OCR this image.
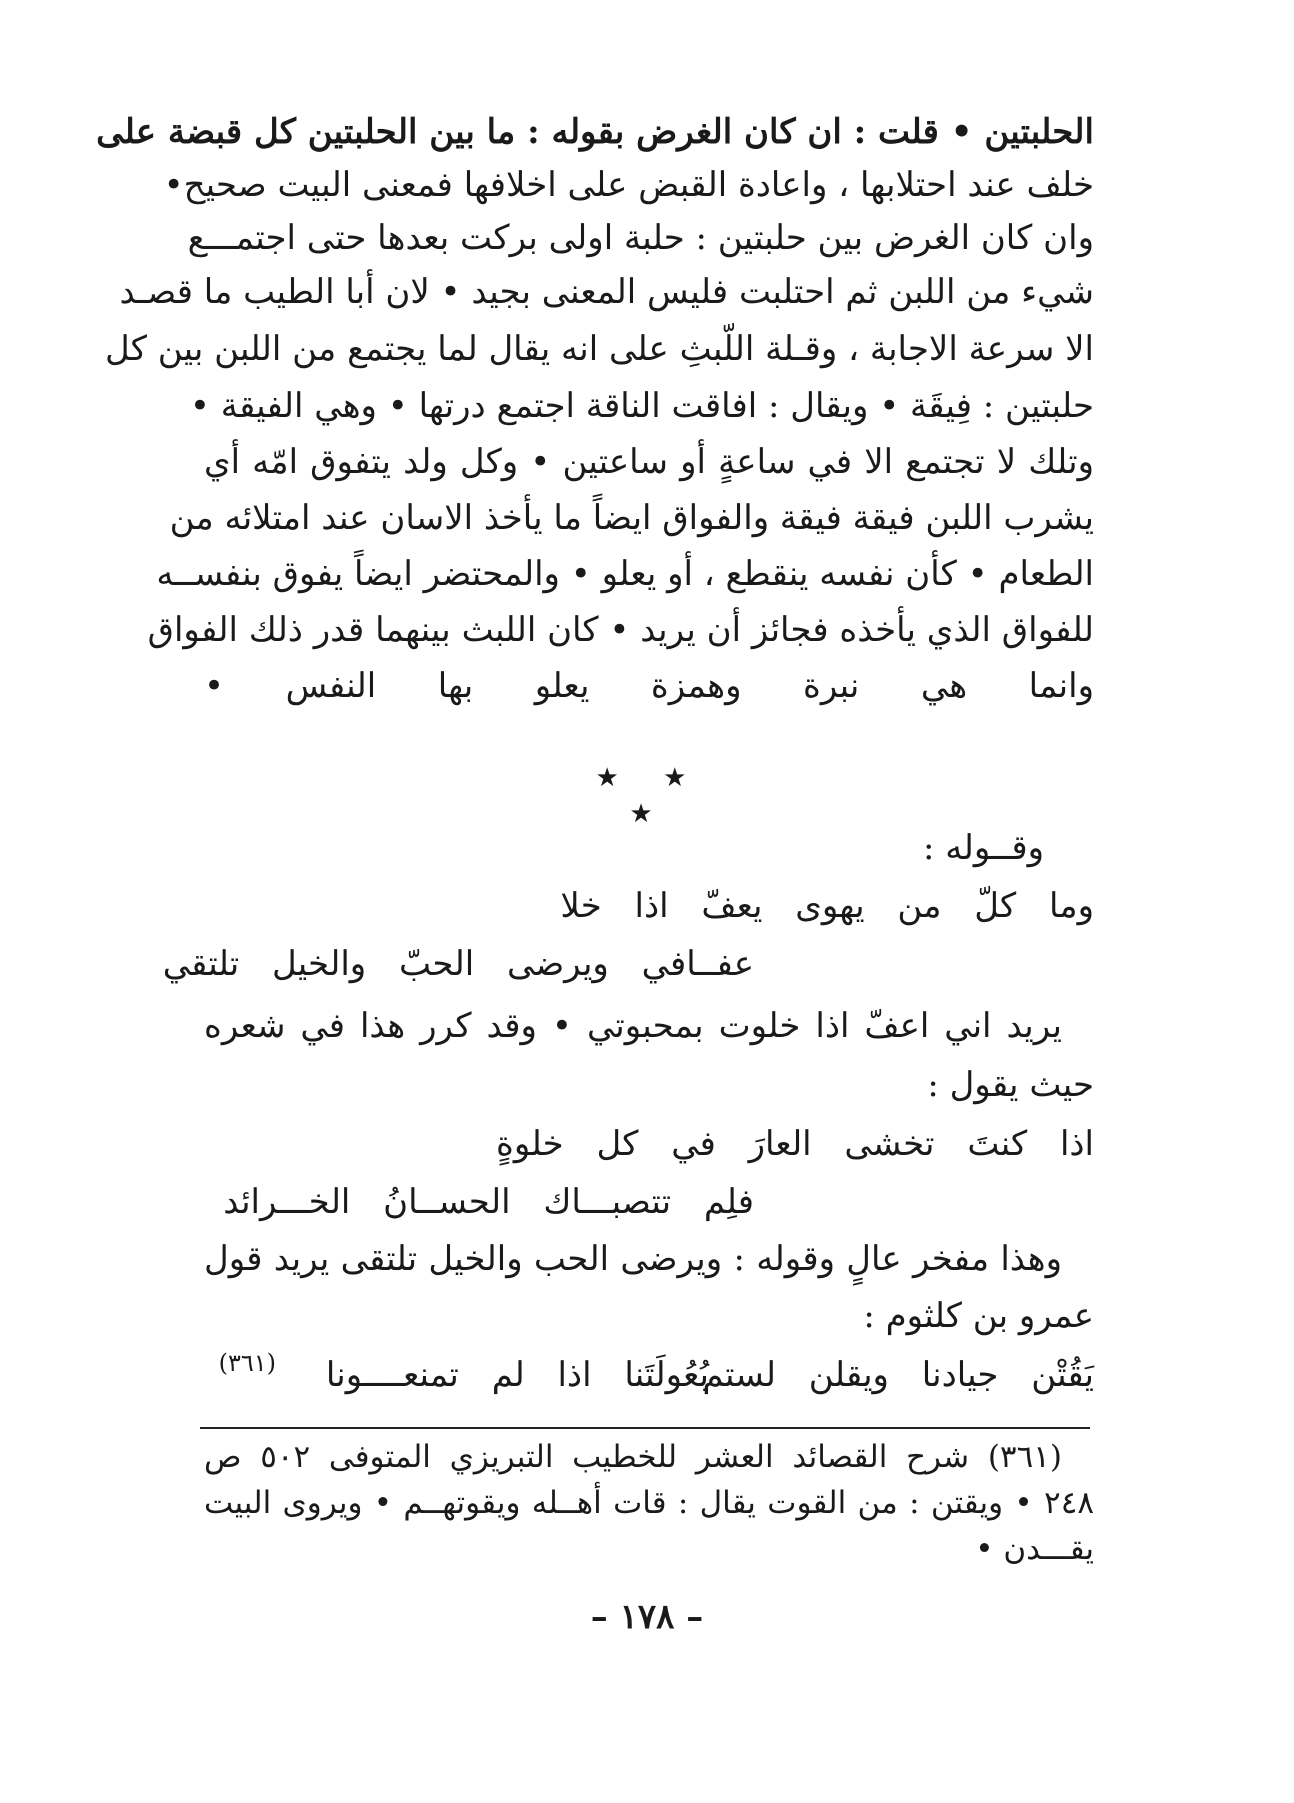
الحلبتين • قلت : ان كان الغرض بقوله : ما بين الحلبتين كل قبضة على
خلف عند احتلابها ، واعادة القبض على اخلافها فمعنى البيت صحيح•
وان كان الغرض بين حلبتين : حلبة اولى بركت بعدها حتى اجتمـــع
شيء من اللبن ثم احتلبت فليس المعنى بجيد • لان أبا الطيب ما قصـد
الا سرعة الاجابة ، وقـلة اللّبثِ على انه يقال لما يجتمع من اللبن بين كل
حلبتين : فِيقَة • ويقال : افاقت الناقة اجتمع درتها • وهي الفيقة •
وتلك لا تجتمع الا في ساعةٍ أو ساعتين • وكل ولد يتفوق امّه أي
يشرب اللبن فيقة فيقة والفواق ايضاً ما يأخذ الاسان عند امتلائه من
الطعام • كأن نفسه ينقطع ، أو يعلو • والمحتضر ايضاً يفوق بنفســه
للفواق الذي يأخذه فجائز أن يريد • كان اللبث بينهما قدر ذلك الفواق
وانما هي نبرة وهمزة يعلو بها النفس •
★ ★ ★
وقــوله :
وما كلّ من يهوى يعفّ اذا خلا
عفــافي ويرضى الحبّ والخيل تلتقي
يريد اني اعفّ اذا خلوت بمحبوتي • وقد كرر هذا في شعره
حيث يقول :
اذا كنتَ تخشى العارَ في كل خلوةٍ
فلِم تتصبـــاك الحســانُ الخـــرائد
وهذا مفخر عالٍ وقوله : ويرضى الحب والخيل تلتقى يريد قول
عمرو بن كلثوم :
يَقُتْن جيادنا ويقلن لستم
بُعُولَتَنا اذا لم تمنعــــونا
(٣٦١)
(٣٦١) شرح القصائد العشر للخطيب التبريزي المتوفى ٥٠٢ ص
٢٤٨ • ويقتن : من القوت يقال : قات أهــله ويقوتهــم • ويروى البيت
يقـــدن •
– ١٧٨ –
